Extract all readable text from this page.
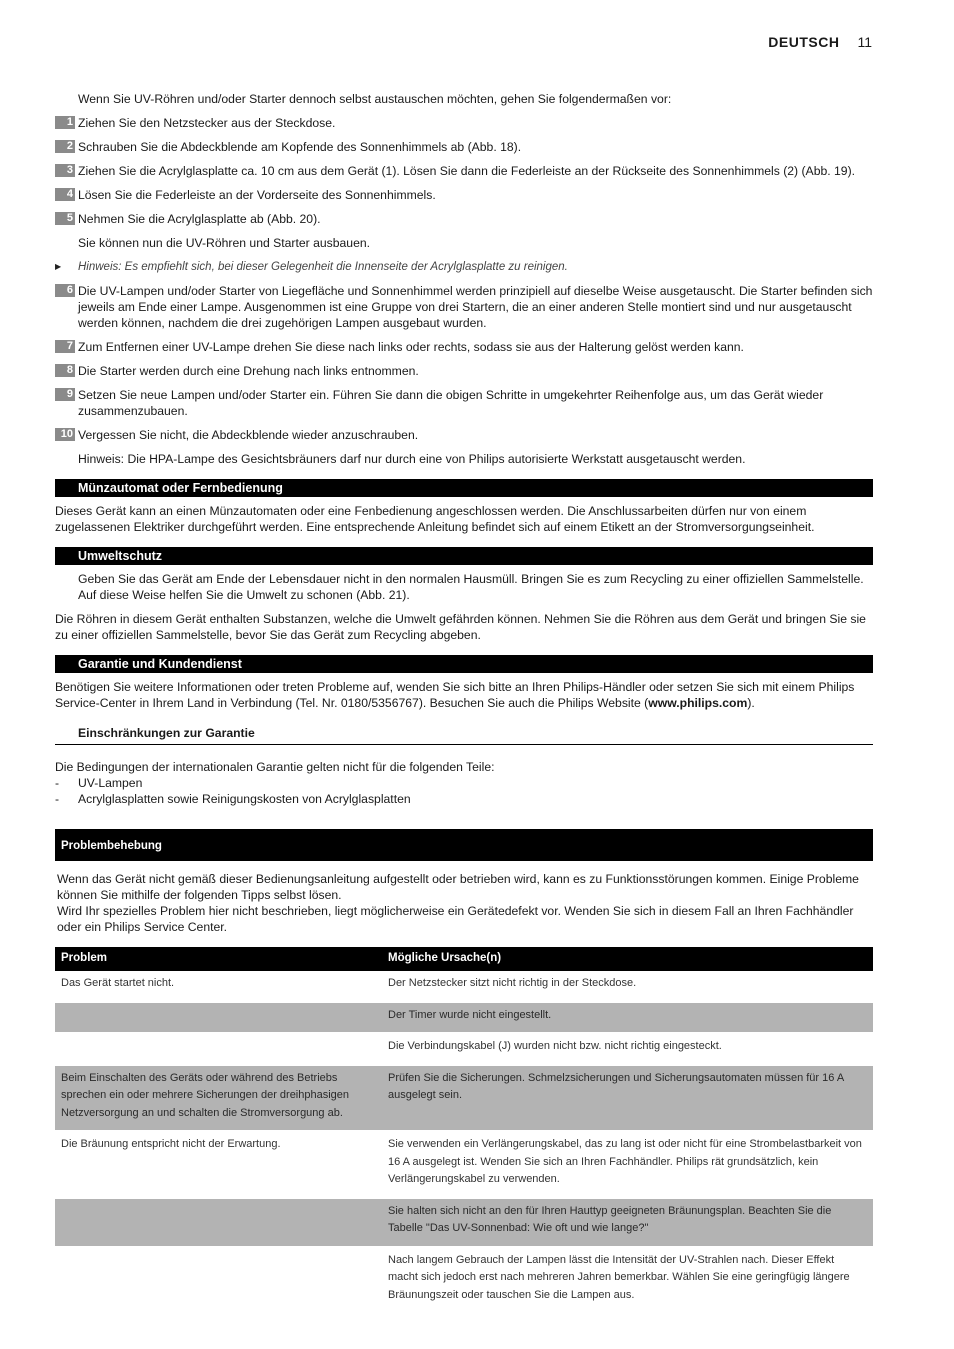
DEUTSCH 11

Wenn Sie UV-Röhren und/oder Starter dennoch selbst austauschen möchten, gehen Sie folgendermaßen vor:

1 Ziehen Sie den Netzstecker aus der Steckdose.
2 Schrauben Sie die Abdeckblende am Kopfende des Sonnenhimmels ab (Abb. 18).
3 Ziehen Sie die Acrylglasplatte ca. 10 cm aus dem Gerät (1). Lösen Sie dann die Federleiste an der Rückseite des Sonnenhimmels (2) (Abb. 19).
4 Lösen Sie die Federleiste an der Vorderseite des Sonnenhimmels.
5 Nehmen Sie die Acrylglasplatte ab (Abb. 20).

Sie können nun die UV-Röhren und Starter ausbauen.

▶	Hinweis: Es empfiehlt sich, bei dieser Gelegenheit die Innenseite der Acrylglasplatte zu reinigen.
6 Die UV-Lampen und/oder Starter von Liegefläche und Sonnenhimmel werden prinzipiell auf dieselbe Weise ausgetauscht. Die Starter befinden sich jeweils am Ende einer Lampe. Ausgenommen ist eine Gruppe von drei Startern, die an einer anderen Stelle montiert sind und nur ausgetauscht werden können, nachdem die drei zugehörigen Lampen ausgebaut wurden.
7 Zum Entfernen einer UV-Lampe drehen Sie diese nach links oder rechts, sodass sie aus der Halterung gelöst werden kann.
8 Die Starter werden durch eine Drehung nach links entnommen.
9 Setzen Sie neue Lampen und/oder Starter ein. Führen Sie dann die obigen Schritte in umgekehrter Reihenfolge aus, um das Gerät wieder zusammenzubauen.
10 Vergessen Sie nicht, die Abdeckblende wieder anzuschrauben.

Hinweis: Die HPA-Lampe des Gesichtsbräuners darf nur durch eine von Philips autorisierte Werkstatt ausgetauscht werden.

Münzautomat oder Fernbedienung

Dieses Gerät kann an einen Münzautomaten oder eine Fenbedienung angeschlossen werden. Die Anschlussarbeiten dürfen nur von einem zugelassenen Elektriker durchgeführt werden. Eine entsprechende Anleitung befindet sich auf einem Etikett an der Stromversorgungseinheit.

Umweltschutz

Geben Sie das Gerät am Ende der Lebensdauer nicht in den normalen Hausmüll. Bringen Sie es zum Recycling zu einer offiziellen Sammelstelle. Auf diese Weise helfen Sie die Umwelt zu schonen (Abb. 21).

Die Röhren in diesem Gerät enthalten Substanzen, welche die Umwelt gefährden können. Nehmen Sie die Röhren aus dem Gerät und bringen Sie sie zu einer offiziellen Sammelstelle, bevor Sie das Gerät zum Recycling abgeben.

Garantie und Kundendienst

Benötigen Sie weitere Informationen oder treten Probleme auf, wenden Sie sich bitte an Ihren Philips-Händler oder setzen Sie sich mit einem Philips Service-Center in Ihrem Land in Verbindung (Tel. Nr. 0180/5356767). Besuchen Sie auch die Philips Website (www.philips.com).

Einschränkungen zur Garantie
Die Bedingungen der internationalen Garantie gelten nicht für die folgenden Teile:
-	UV-Lampen
-	Acrylglasplatten sowie Reinigungskosten von Acrylglasplatten
Problembehebung
Wenn das Gerät nicht gemäß dieser Bedienungsanleitung aufgestellt oder betrieben wird, kann es zu Funktionsstörungen kommen. Einige Probleme können Sie mithilfe der folgenden Tipps selbst lösen.
Wird Ihr spezielles Problem hier nicht beschrieben, liegt möglicherweise ein Gerätedefekt vor. Wenden Sie sich in diesem Fall an Ihren Fachhändler oder ein Philips Service Center.
Problem	Mögliche Ursache(n)
Das Gerät startet nicht.	Der Netzstecker sitzt nicht richtig in der Steckdose.
	Der Timer wurde nicht eingestellt.
	Die Verbindungskabel (J) wurden nicht bzw. nicht richtig eingesteckt.
Beim Einschalten des Geräts oder während des Betriebs sprechen ein oder mehrere Sicherungen der dreihphasigen Netzversorgung an und schalten die Stromversorgung ab.	Prüfen Sie die Sicherungen. Schmelzsicherungen und Sicherungsautomaten müssen für 16 A ausgelegt sein.
Die Bräunung entspricht nicht der Erwartung.	Sie verwenden ein Verlängerungskabel, das zu lang ist oder nicht für eine Strombelastbarkeit von 16 A ausgelegt ist. Wenden Sie sich an Ihren Fachhändler. Philips rät grundsätzlich, kein Verlängerungskabel zu verwenden.
	Sie halten sich nicht an den für Ihren Hauttyp geeigneten Bräunungsplan. Beachten Sie die Tabelle "Das UV-Sonnenbad: Wie oft und wie lange?"
	Nach langem Gebrauch der Lampen lässt die Intensität der UV-Strahlen nach. Dieser Effekt macht sich jedoch erst nach mehreren Jahren bemerkbar. Wählen Sie eine geringfügig längere Bräunungszeit oder tauschen Sie die Lampen aus.
